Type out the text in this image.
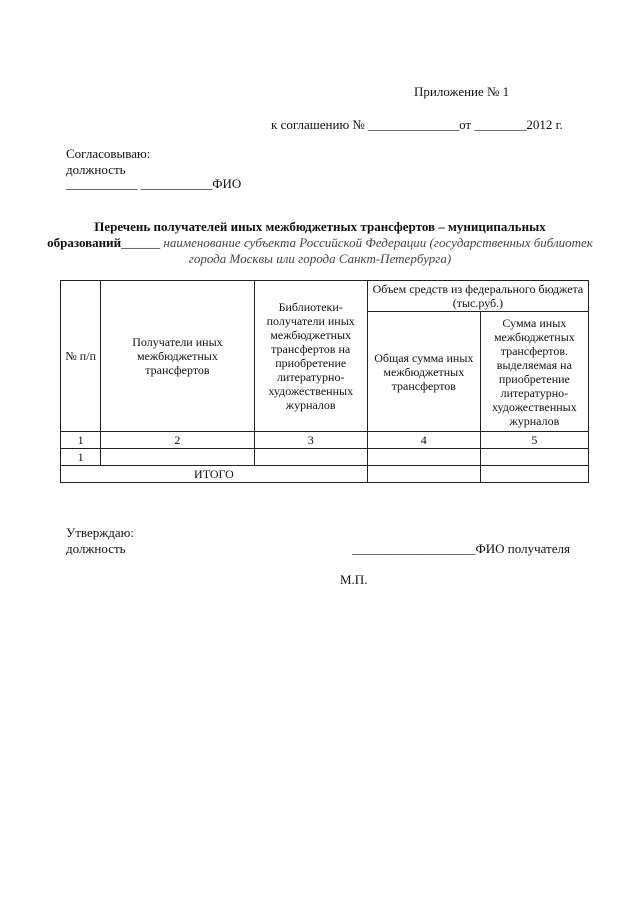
Приложение № 1
к соглашению № ______________от ________2012 г.
Согласовываю:
должность
___________ ___________ФИО
Перечень получателей иных межбюджетных трансфертов – муниципальных образований______ наименование субъекта Российской Федерации (государственных библиотек города Москвы или города Санкт-Петербурга)
№ п/п	Получатели иных межбюджетных трансфертов	Библиотеки-получатели иных межбюджетных трансфертов на приобретение литературно-художественных журналов	Объем средств из федерального бюджета (тыс.руб.)	
			Общая сумма иных межбюджетных трансфертов	Сумма иных межбюджетных трансфертов. выделяемая на приобретение литературно-художественных журналов
1	2	3	4	5
1				
ИТОГО				
Утверждаю:
должность	___________________ФИО получателя
М.П.
